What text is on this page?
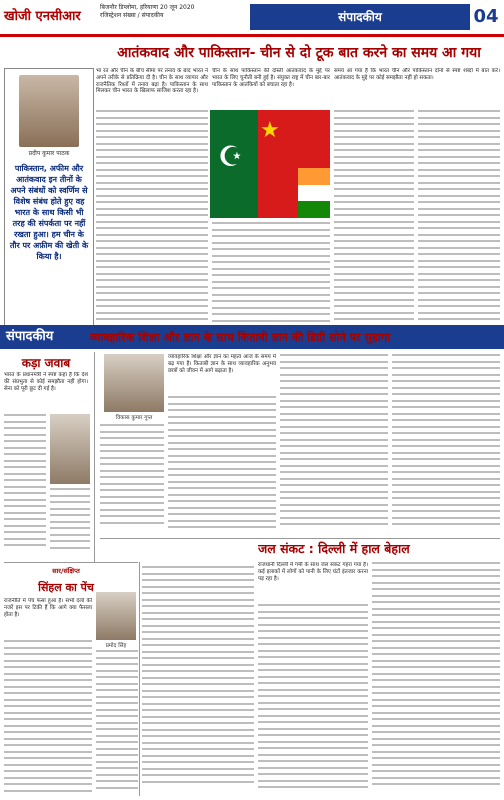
खोजी एनसीआर
बिजनौर डिप्लोमा, हरियाणा 20 जून 2020
रजिस्ट्रेशन संख्या / संपादकीय	संपादकीय	04
आतंकवाद और पाकिस्तान- चीन से दो टूक बात करने का समय आ गया
प्रदीप कुमार पाठक
पाकिस्तान, अफीम और आतंकवाद इन तीनों के अपने संबंधों को स्वर्णिम से विशेष संबंध होते हुए वह भारत के साथ किसी भी तरह की संपर्कता पर नहीं रखता हुआ। हम चीन के तौर पर अफ़ीम की खेती के किया है।
भा रत और चीन के बीच सीमा पर तनाव के बाद भारत ने अपने तरीके से प्रतिक्रिया दी है। चीन के साथ व्यापार और राजनैतिक रिश्तों में तनाव बढ़ा है। पाकिस्तान के साथ मिलकर चीन भारत के खिलाफ साजिश करता रहा है।
चीन के साथ पाकिस्तान की दोस्ती आतंकवाद के मुद्दे पर भारत के लिए चुनौती बनी हुई है। संयुक्त राष्ट्र में चीन बार-बार पाकिस्तान के आतंकियों को बचाता रहा है।
★
☪
समय आ गया है कि भारत चीन और पाकिस्तान दोनों से स्पष्ट शब्दों में बात करे। आतंकवाद के मुद्दे पर कोई समझौता नहीं हो सकता।
संपादकीय	व्यावहारिक शिक्षा और ज्ञान के साथ किताबी ज्ञान की डिग्री सोने पर सुहागा
कड़ा जवाब
भारत के प्रधानमंत्री ने स्पष्ट कहा है कि देश की संप्रभुता से कोई समझौता नहीं होगा। सेना को पूरी छूट दी गई है।
विकास कुमार गुप्त
व्यावहारिक शिक्षा और ज्ञान का महत्व आज के समय में बढ़ गया है। किताबी ज्ञान के साथ व्यावहारिक अनुभव छात्रों को जीवन में आगे बढ़ाता है।
जल संकट : दिल्ली में हाल बेहाल
राजधानी दिल्ली में गर्मी के साथ जल संकट गहरा गया है। कई इलाकों में लोगों को पानी के लिए घंटों इंतजार करना पड़ रहा है।
सार/संक्षिप्त
सिंहल का पेंच
प्रमोद सिंह
राजनीति में पेंच फंसा हुआ है। सभी दलों की नजरें इस पर टिकी हैं कि आगे क्या फैसला होता है।
